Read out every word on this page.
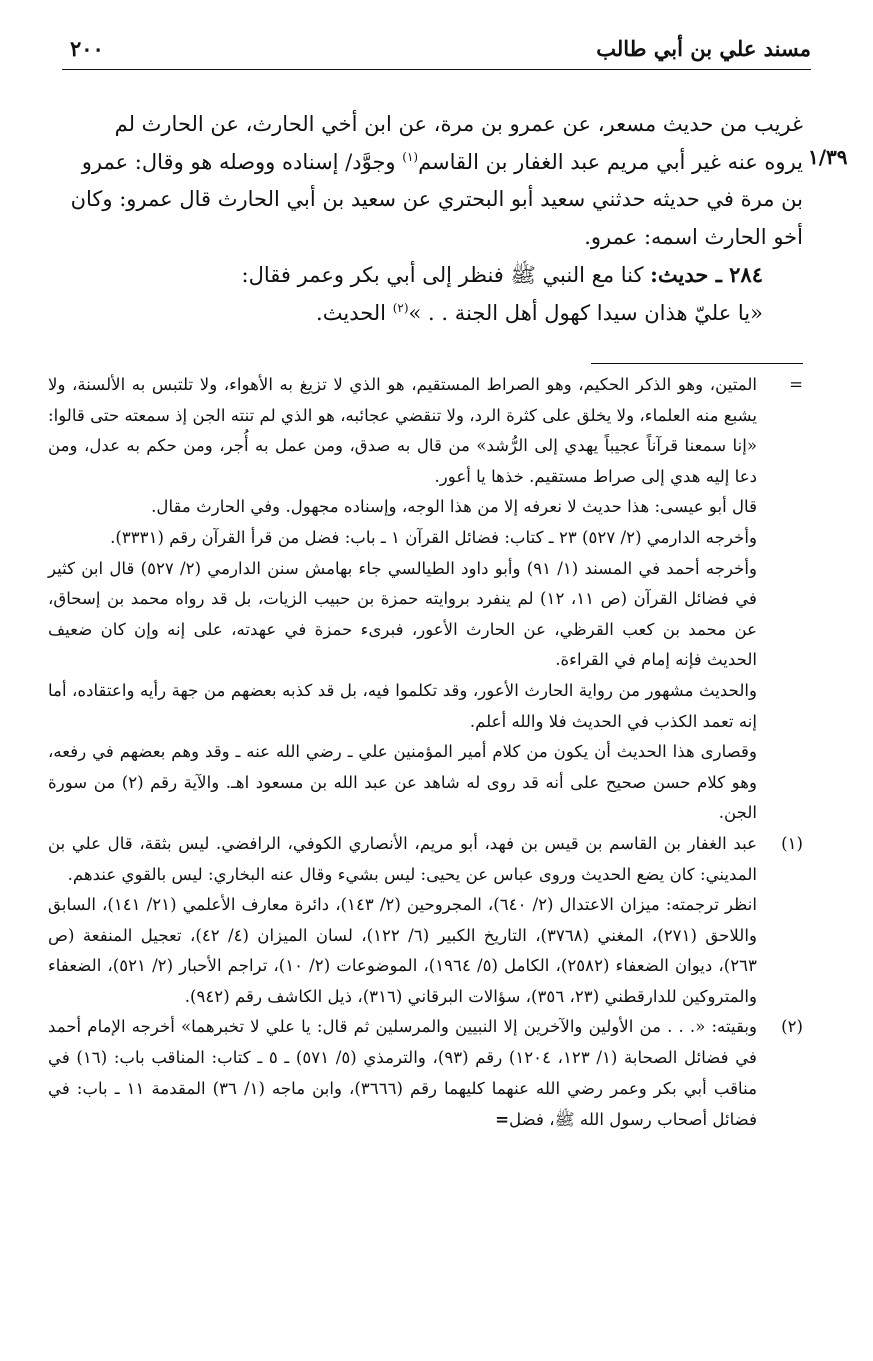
مسند علي بن أبي طالب
٢٠٠
١/٣٩

غريب من حديث مسعر، عن عمرو بن مرة، عن ابن أخي الحارث، عن الحارث لم يروه عنه غير أبي مريم عبد الغفار بن القاسم$^{(١)}$ وجوَّد/ إسناده ووصله هو وقال: عمرو بن مرة في حديثه حدثني سعيد أبو البحتري عن سعيد بن أبي الحارث قال عمرو: وكان أخو الحارث اسمه: عمرو.

٢٨٤ ـ حديث: كنا مع النبي ﷺ فنظر إلى أبي بكر وعمر فقال:

«يا عليّ هذان سيدا كهول أهل الجنة . . »$^{(٢)}$ الحديث.

=

المتين، وهو الذكر الحكيم، وهو الصراط المستقيم، هو الذي لا تزيغ به الأهواء، ولا تلتبس به الألسنة، ولا يشبع منه العلماء، ولا يخلق على كثرة الرد، ولا تنقضي عجائبه، هو الذي لم تنته الجن إذ سمعته حتى قالوا: «إنا سمعنا قرآناً عجيباً يهدي إلى الرُّشد» من قال به صدق، ومن عمل به أُجر، ومن حكم به عدل، ومن دعا إليه هدي إلى صراط مستقيم. خذها يا أعور.

قال أبو عيسى: هذا حديث لا نعرفه إلا من هذا الوجه، وإسناده مجهول. وفي الحارث مقال.

وأخرجه الدارمي (٢/ ٥٢٧) ٢٣ ـ كتاب: فضائل القرآن ١ ـ باب: فضل من قرأ القرآن رقم (٣٣٣١).

وأخرجه أحمد في المسند (١/ ٩١) وأبو داود الطيالسي جاء بهامش سنن الدارمي (٢/ ٥٢٧) قال ابن كثير في فضائل القرآن (ص ١١، ١٢) لم ينفرد بروايته حمزة بن حبيب الزيات، بل قد رواه محمد بن إسحاق، عن محمد بن كعب القرظي، عن الحارث الأعور، فبرىء حمزة في عهدته، على إنه وإن كان ضعيف الحديث فإنه إمام في القراءة.

والحديث مشهور من رواية الحارث الأعور، وقد تكلموا فيه، بل قد كذبه بعضهم من جهة رأيه واعتقاده، أما إنه تعمد الكذب في الحديث فلا والله أعلم.

وقصارى هذا الحديث أن يكون من كلام أمير المؤمنين علي ـ رضي الله عنه ـ وقد وهم بعضهم في رفعه، وهو كلام حسن صحيح على أنه قد روى له شاهد عن عبد الله بن مسعود اهـ. والآية رقم (٢) من سورة الجن.

(١)

عبد الغفار بن القاسم بن قيس بن فهد، أبو مريم، الأنصاري الكوفي، الرافضي. ليس بثقة، قال علي بن المديني: كان يضع الحديث وروى عباس عن يحيى: ليس بشيء وقال عنه البخاري: ليس بالقوي عندهم.

انظر ترجمته: ميزان الاعتدال (٢/ ٦٤٠)، المجروحين (٢/ ١٤٣)، دائرة معارف الأعلمي (٢١/ ١٤١)، السابق واللاحق (٢٧١)، المغني (٣٧٦٨)، التاريخ الكبير (٦/ ١٢٢)، لسان الميزان (٤/ ٤٢)، تعجيل المنفعة (ص ٢٦٣)، ديوان الضعفاء (٢٥٨٢)، الكامل (٥/ ١٩٦٤)، الموضوعات (٢/ ١٠)، تراجم الأحبار (٢/ ٥٢١)، الضعفاء والمتروكين للدارقطني (٢٣، ٣٥٦)، سؤالات البرقاني (٣١٦)، ذيل الكاشف رقم (٩٤٢).

(٢)

وبقيته: «. . . من الأولين والآخرين إلا النبيين والمرسلين ثم قال: يا علي لا تخبرهما» أخرجه الإمام أحمد في فضائل الصحابة (١/ ١٢٣، ١٢٠٤) رقم (٩٣)، والترمذي (٥/ ٥٧١) ـ ٥ ـ كتاب: المناقب باب: (١٦) في مناقب أبي بكر وعمر رضي الله عنهما كليهما رقم (٣٦٦٦)، وابن ماجه (١/ ٣٦) المقدمة ١١ ـ باب: في فضائل أصحاب رسول الله ﷺ، فضل=
